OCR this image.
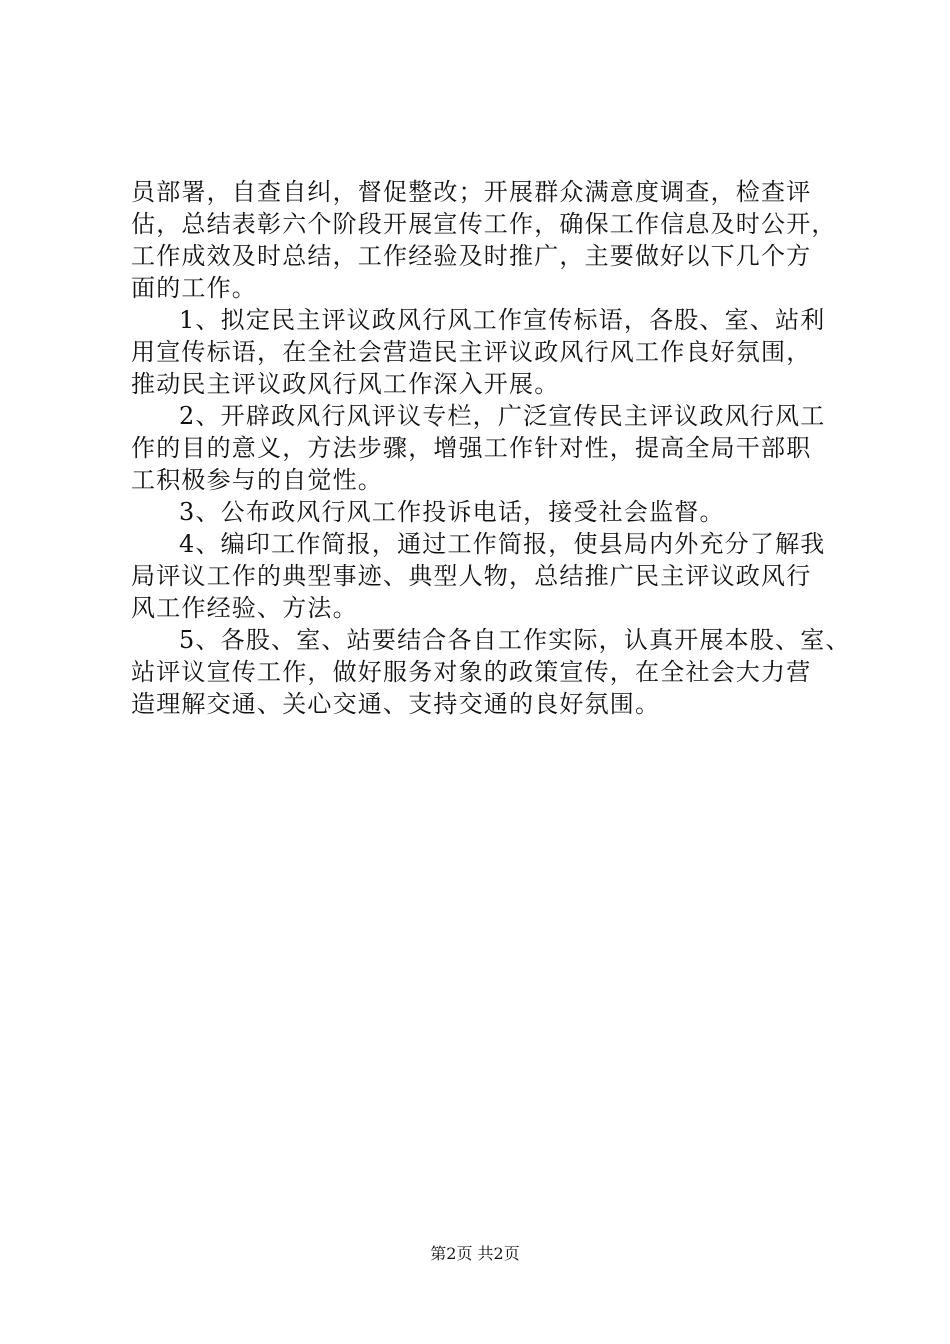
员部署，自查自纠，督促整改；开展群众满意度调查，检查评
估，总结表彰六个阶段开展宣传工作，确保工作信息及时公开，
工作成效及时总结，工作经验及时推广，主要做好以下几个方
面的工作。
1、拟定民主评议政风行风工作宣传标语，各股、室、站利
用宣传标语，在全社会营造民主评议政风行风工作良好氛围，
推动民主评议政风行风工作深入开展。
2、开辟政风行风评议专栏，广泛宣传民主评议政风行风工
作的目的意义，方法步骤，增强工作针对性，提高全局干部职
工积极参与的自觉性。
3、公布政风行风工作投诉电话，接受社会监督。
4、编印工作简报，通过工作简报，使县局内外充分了解我
局评议工作的典型事迹、典型人物，总结推广民主评议政风行
风工作经验、方法。
5、各股、室、站要结合各自工作实际，认真开展本股、室、
站评议宣传工作，做好服务对象的政策宣传，在全社会大力营
造理解交通、关心交通、支持交通的良好氛围。
第2页 共2页
